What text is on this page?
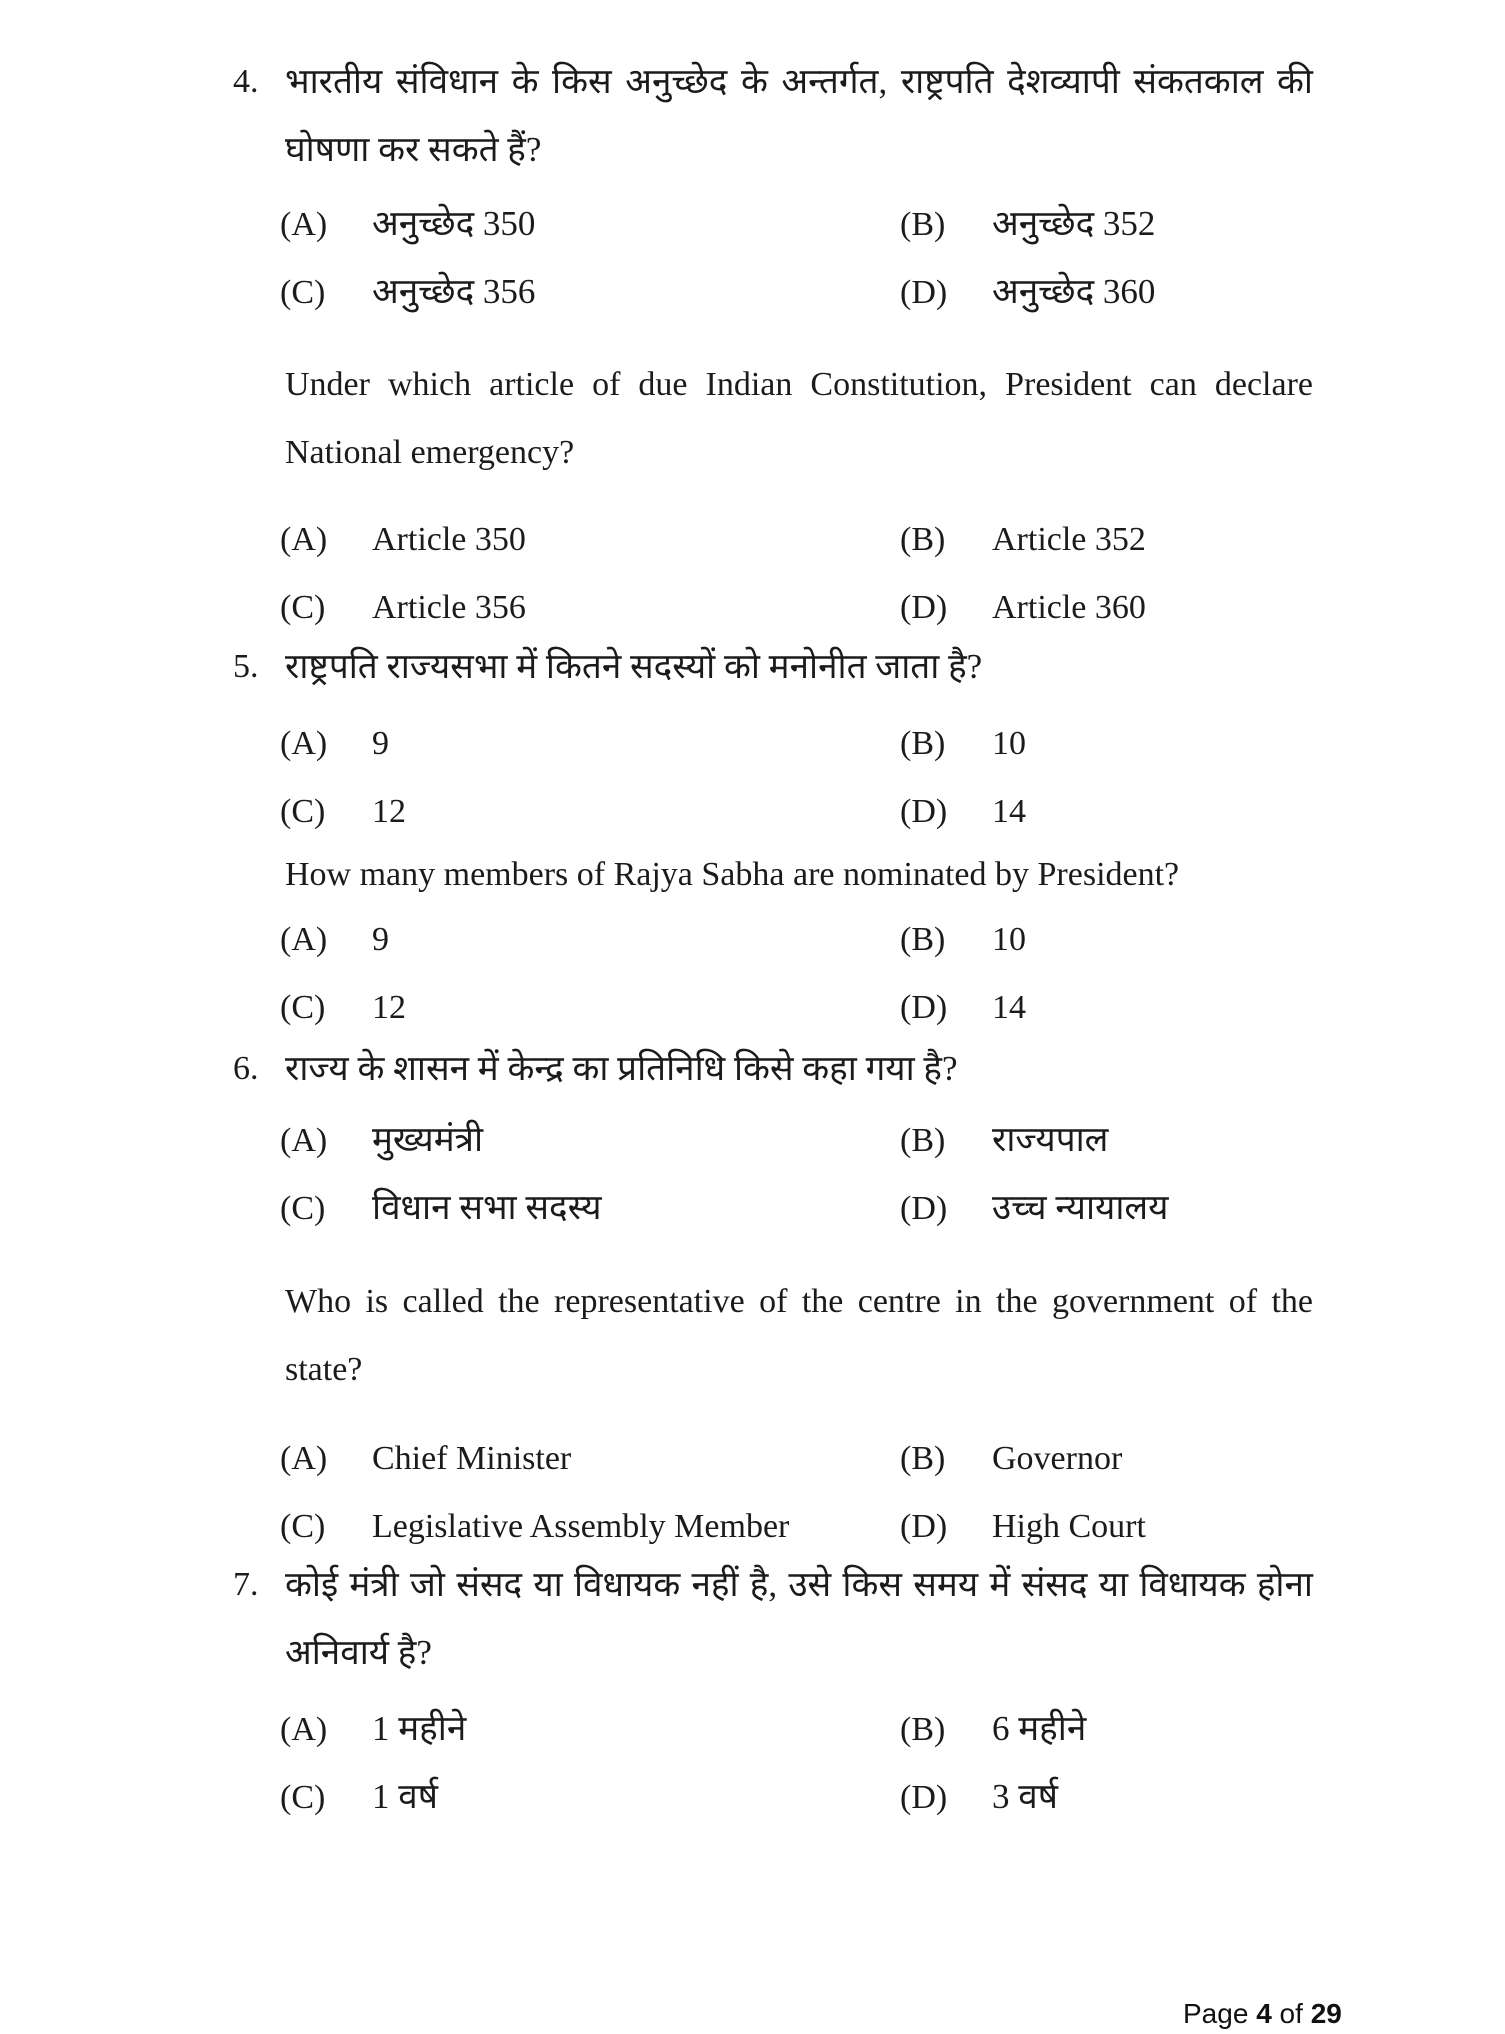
4. भारतीय संविधान के किस अनुच्छेद के अन्तर्गत, राष्ट्रपति देशव्यापी संकतकाल की घोषणा कर सकते हैं?
(A) अनुच्छेद 350	(B) अनुच्छेद 352
(C) अनुच्छेद 356	(D) अनुच्छेद 360
Under which article of due Indian Constitution, President can declare National emergency?
(A) Article 350	(B) Article 352
(C) Article 356	(D) Article 360
5. राष्ट्रपति राज्यसभा में कितने सदस्यों को मनोनीत जाता है?
(A) 9	(B) 10
(C) 12	(D) 14
How many members of Rajya Sabha are nominated by President?
(A) 9	(B) 10
(C) 12	(D) 14
6. राज्य के शासन में केन्द्र का प्रतिनिधि किसे कहा गया है?
(A) मुख्यमंत्री	(B) राज्यपाल
(C) विधान सभा सदस्य	(D) उच्च न्यायालय
Who is called the representative of the centre in the government of the state?
(A) Chief Minister	(B) Governor
(C) Legislative Assembly Member	(D) High Court
7. कोई मंत्री जो संसद या विधायक नहीं है, उसे किस समय में संसद या विधायक होना अनिवार्य है?
(A) 1 महीने	(B) 6 महीने
(C) 1 वर्ष	(D) 3 वर्ष
Page 4 of 29
